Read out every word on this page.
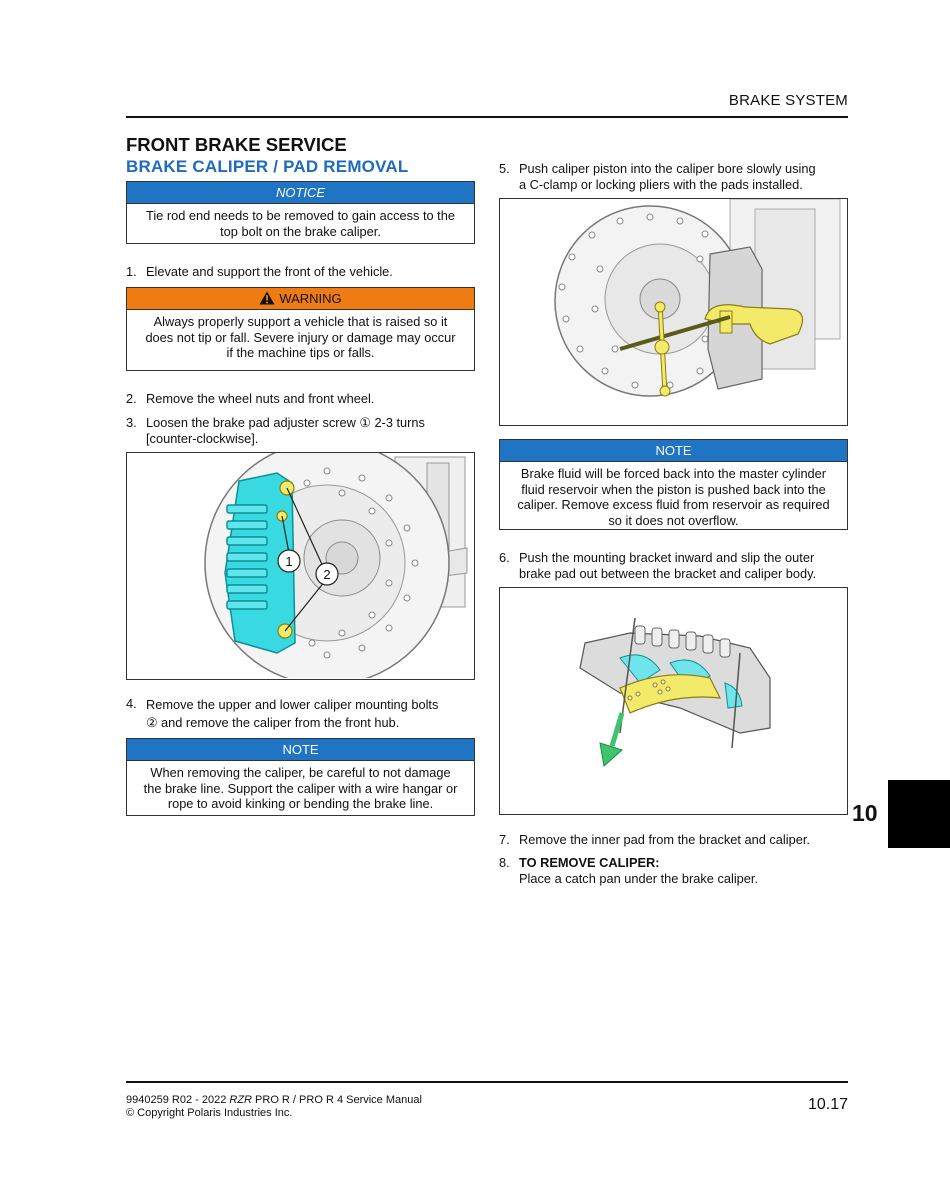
BRAKE SYSTEM
FRONT BRAKE SERVICE
BRAKE CALIPER / PAD REMOVAL
NOTICE
Tie rod end needs to be removed to gain access to the
top bolt on the brake caliper.
1. Elevate and support the front of the vehicle.
WARNING
Always properly support a vehicle that is raised so it
does not tip or fall. Severe injury or damage may occur
if the machine tips or falls.
2. Remove the wheel nuts and front wheel.
3. Loosen the brake pad adjuster screw ① 2-3 turns
[counter-clockwise].
1
2
4. Remove the upper and lower caliper mounting bolts
② and remove the caliper from the front hub.
NOTE
When removing the caliper, be careful to not damage
the brake line. Support the caliper with a wire hangar or
rope to avoid kinking or bending the brake line.
5. Push caliper piston into the caliper bore slowly using
a C-clamp or locking pliers with the pads installed.
NOTE
Brake fluid will be forced back into the master cylinder
fluid reservoir when the piston is pushed back into the
caliper. Remove excess fluid from reservoir as required
so it does not overflow.
6. Push the mounting bracket inward and slip the outer
brake pad out between the bracket and caliper body.
7. Remove the inner pad from the bracket and caliper.
8. TO REMOVE CALIPER:
Place a catch pan under the brake caliper.
10
9940259 R02 - 2022 RZR PRO R / PRO R 4 Service Manual
© Copyright Polaris Industries Inc.	10.17
